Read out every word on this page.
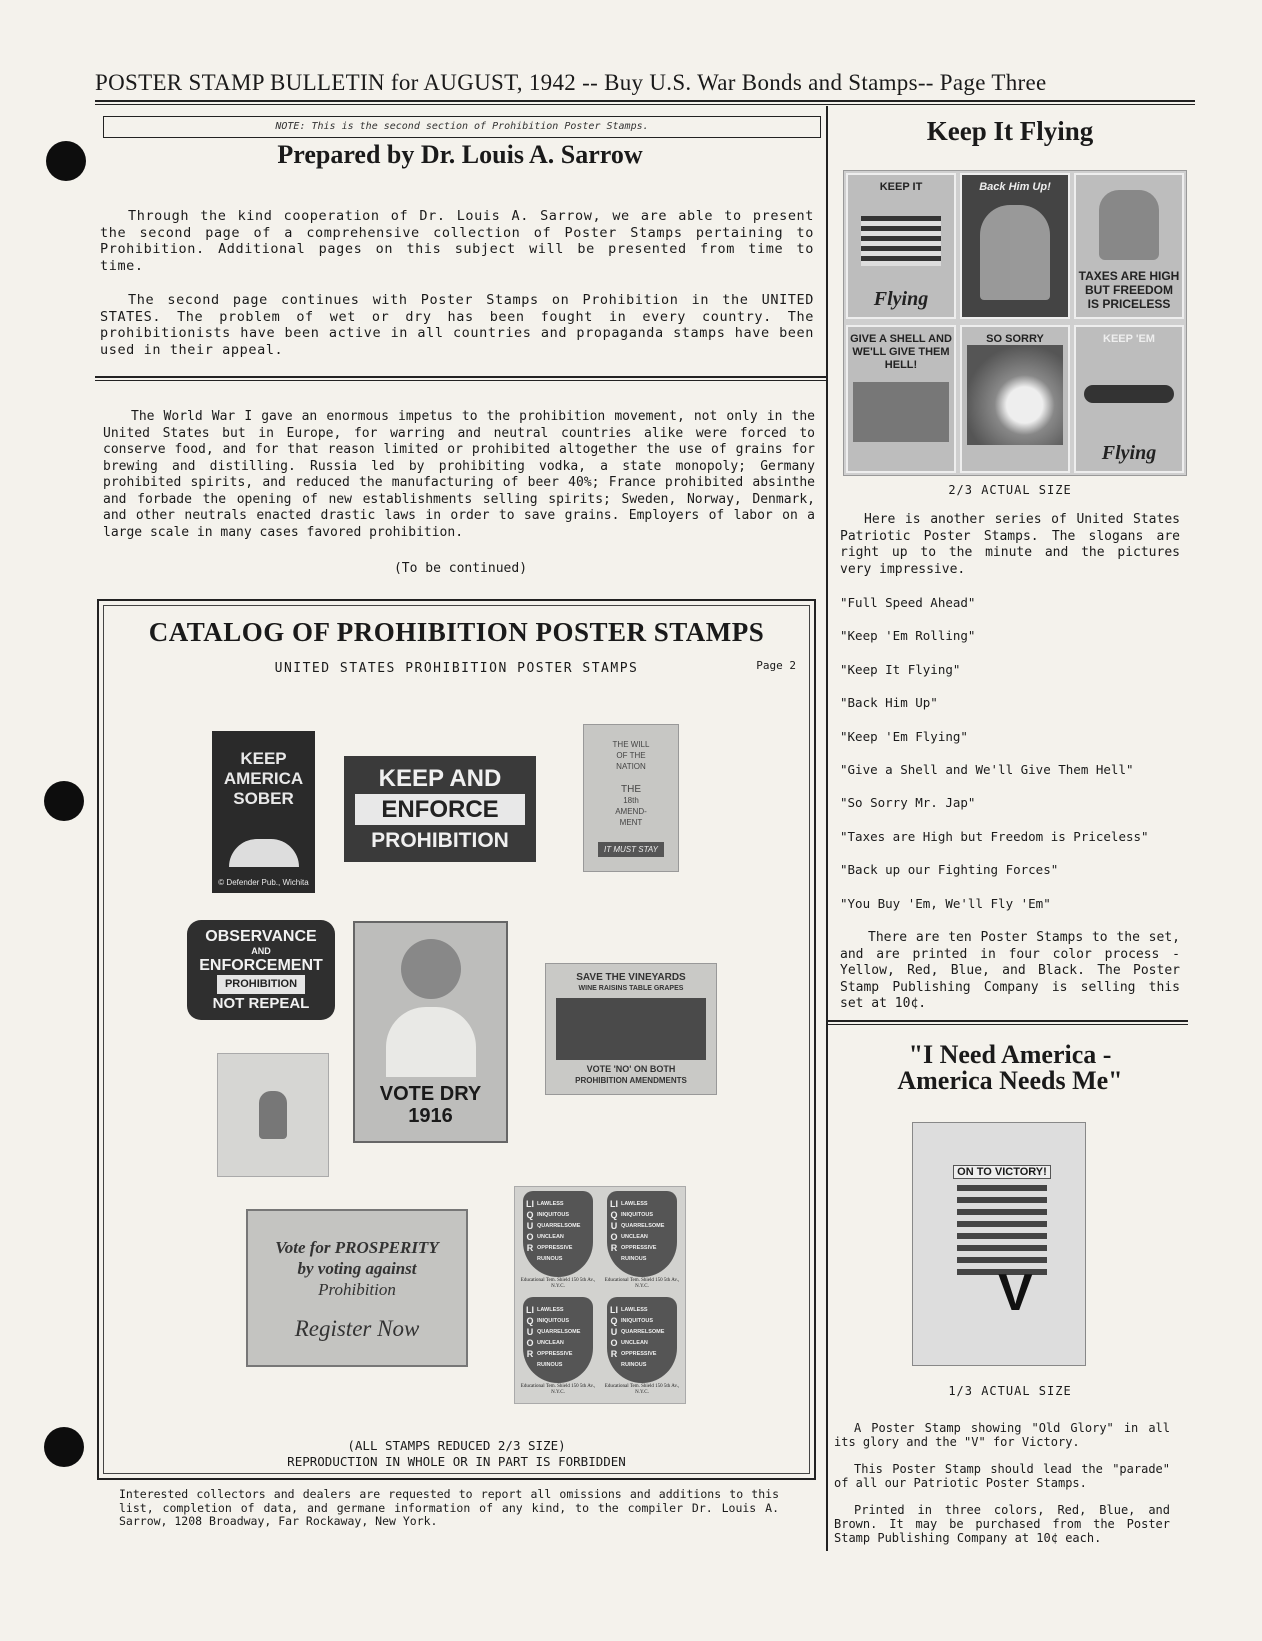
POSTER STAMP BULLETIN for AUGUST, 1942 -- Buy U.S. War Bonds and Stamps-- Page Three
NOTE: This is the second section of Prohibition Poster Stamps.
Prepared by Dr. Louis A. Sarrow

Through the kind cooperation of Dr. Louis A. Sarrow, we are able to present the second page of a comprehensive collection of Poster Stamps pertaining to Prohibition. Additional pages on this subject will be presented from time to time.

The second page continues with Poster Stamps on Prohibition in the UNITED STATES. The problem of wet or dry has been fought in every country. The prohibitionists have been active in all countries and propaganda stamps have been used in their appeal.

The World War I gave an enormous impetus to the prohibition movement, not only in the United States but in Europe, for warring and neutral countries alike were forced to conserve food, and for that reason limited or prohibited altogether the use of grains for brewing and distilling. Russia led by prohibiting vodka, a state monopoly; Germany prohibited spirits, and reduced the manufacturing of beer 40%; France prohibited absinthe and forbade the opening of new establishments selling spirits; Sweden, Norway, Denmark, and other neutrals enacted drastic laws in order to save grains. Employers of labor on a large scale in many cases favored prohibition.

(To be continued)
CATALOG OF PROHIBITION POSTER STAMPS
UNITED STATES PROHIBITION POSTER STAMPS	Page 2
KEEP
AMERICA
SOBER
© Defender Pub., Wichita
KEEP AND
ENFORCE
PROHIBITION
THE WILL
OF THE
NATION
THE
18th
AMEND-
MENT
IT MUST STAY
OBSERVANCE
AND
ENFORCEMENT
PROHIBITION
NOT REPEAL
VOTE DRY
1916
SAVE THE VINEYARDS
WINE RAISINS TABLE GRAPES
VOTE 'NO' ON BOTH
PROHIBITION AMENDMENTS
Vote for PROSPERITY
by voting against
Prohibition
Register Now
LIQUOR
LAWLESS
INIQUITOUS
QUARRELSOME
UNCLEAN
OPPRESSIVE
RUINOUS
Educational Tem. Shield 150 5th Av., N.Y.C.
LIQUOR
LAWLESS
INIQUITOUS
QUARRELSOME
UNCLEAN
OPPRESSIVE
RUINOUS
Educational Tem. Shield 150 5th Av., N.Y.C.
LIQUOR
LAWLESS
INIQUITOUS
QUARRELSOME
UNCLEAN
OPPRESSIVE
RUINOUS
Educational Tem. Shield 150 5th Av., N.Y.C.
LIQUOR
LAWLESS
INIQUITOUS
QUARRELSOME
UNCLEAN
OPPRESSIVE
RUINOUS
Educational Tem. Shield 150 5th Av., N.Y.C.
(ALL STAMPS REDUCED 2/3 SIZE)
REPRODUCTION IN WHOLE OR IN PART IS FORBIDDEN
Interested collectors and dealers are requested to report all omissions and additions to this list, completion of data, and germane information of any kind, to the compiler Dr. Louis A. Sarrow, 1208 Broadway, Far Rockaway, New York.
Keep It Flying
KEEP IT
Flying
Back Him Up!
TAXES ARE HIGH BUT FREEDOM IS PRICELESS
GIVE A SHELL AND WE'LL GIVE THEM HELL!
SO SORRY	KEEP 'EM
Flying
2/3 ACTUAL SIZE
Here is another series of United States Patriotic Poster Stamps. The slogans are right up to the minute and the pictures very impressive.
"Full Speed Ahead"
"Keep 'Em Rolling"
"Keep It Flying"
"Back Him Up"
"Keep 'Em Flying"
"Give a Shell and We'll Give Them Hell"
"So Sorry Mr. Jap"
"Taxes are High but Freedom is Priceless"
"Back up our Fighting Forces"
"You Buy 'Em, We'll Fly 'Em"
There are ten Poster Stamps to the set, and are printed in four color process - Yellow, Red, Blue, and Black. The Poster Stamp Publishing Company is selling this set at 10¢.
"I Need America -
America Needs Me"
ON TO VICTORY!
V
1/3 ACTUAL SIZE
A Poster Stamp showing "Old Glory" in all its glory and the "V" for Victory.
This Poster Stamp should lead the "parade" of all our Patriotic Poster Stamps.
Printed in three colors, Red, Blue, and Brown. It may be purchased from the Poster Stamp Publishing Company at 10¢ each.
